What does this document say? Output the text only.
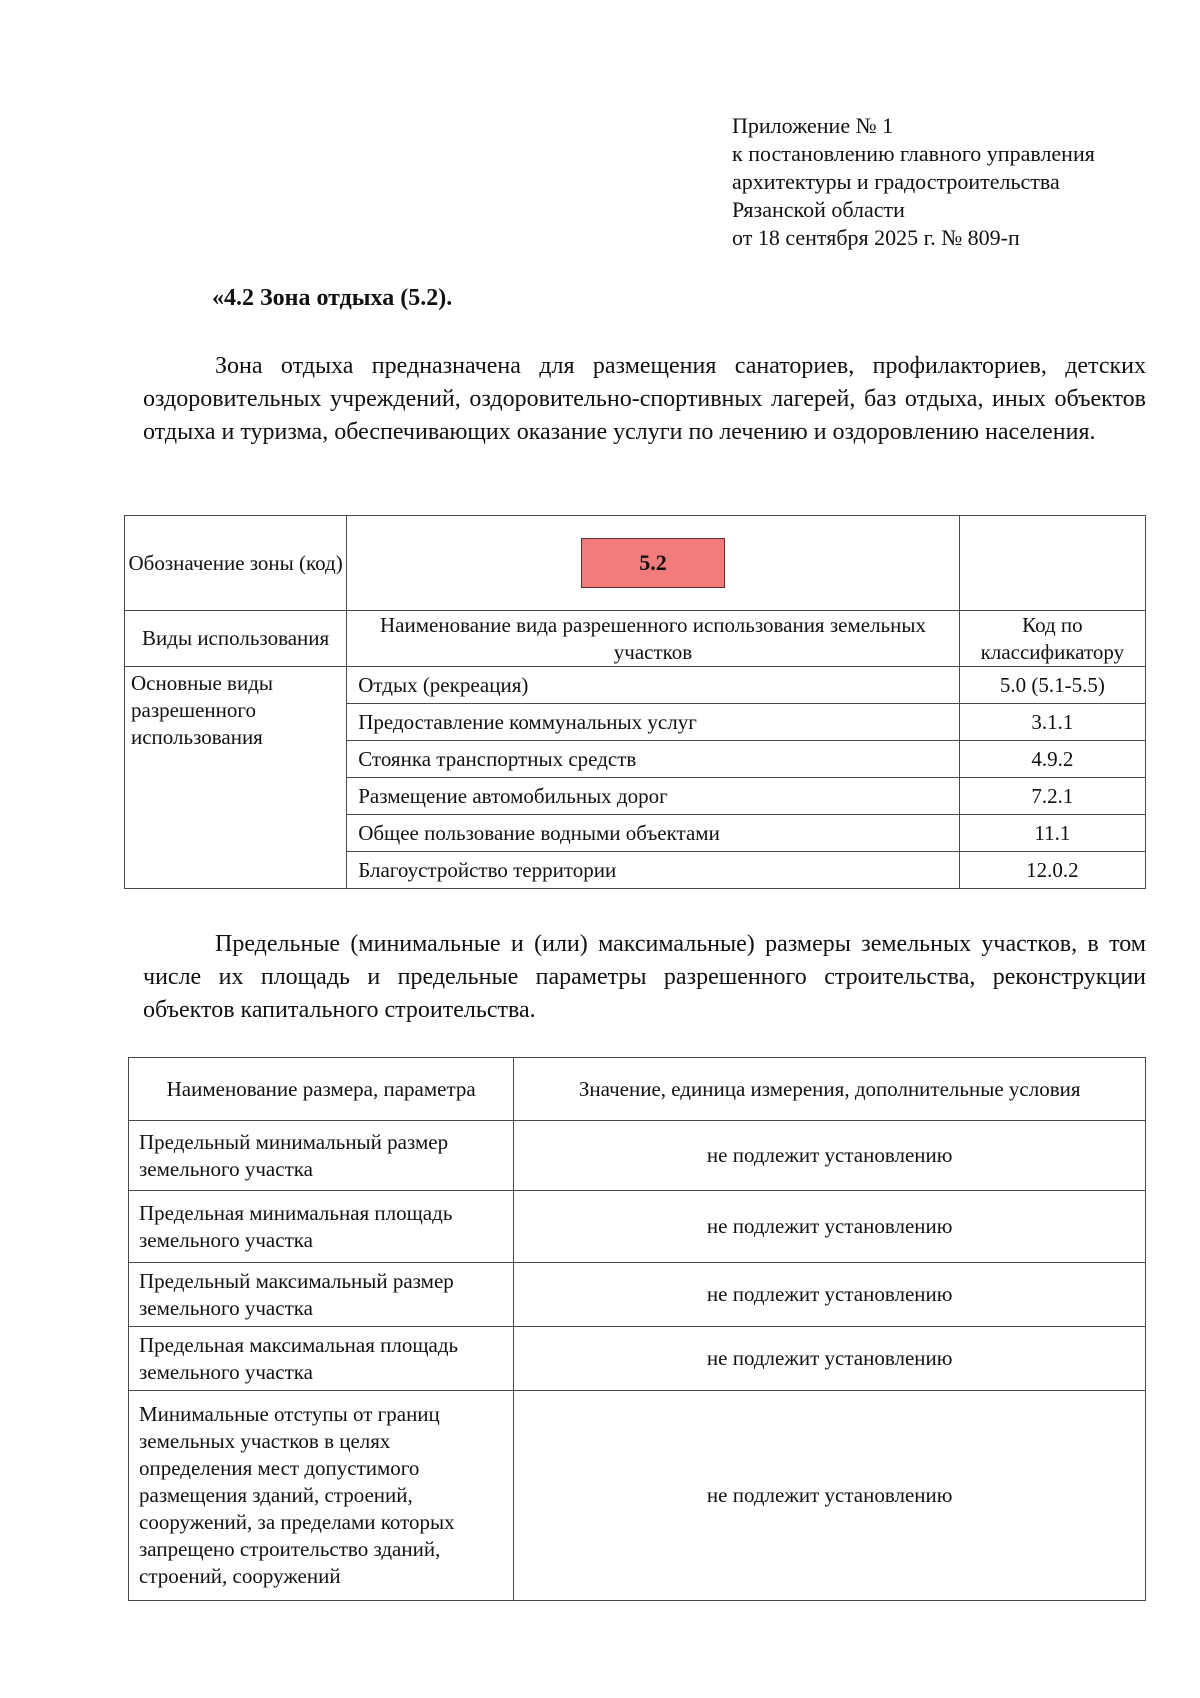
Приложение № 1
к постановлению главного управления
архитектуры и градостроительства
Рязанской области
от 18 сентября 2025 г. № 809-п
«4.2 Зона отдыха (5.2).

Зона отдыха предназначена для размещения санаториев, профилакториев, детских оздоровительных учреждений, оздоровительно-спортивных лагерей, баз отдыха, иных объектов отдыха и туризма, обеспечивающих оказание услуги по лечению и оздоровлению населения.

Обозначение зоны (код)	5.2	
Виды использования	Наименование вида разрешенного использования земельных участков	Код по классификатору
Основные виды разрешенного использования	Отдых (рекреация)	5.0 (5.1-5.5)
	Предоставление коммунальных услуг	3.1.1
	Стоянка транспортных средств	4.9.2
	Размещение автомобильных дорог	7.2.1
	Общее пользование водными объектами	11.1
	Благоустройство территории	12.0.2

Предельные (минимальные и (или) максимальные) размеры земельных участков, в том числе их площадь и предельные параметры разрешенного строительства, реконструкции объектов капитального строительства.

Наименование размера, параметра	Значение, единица измерения, дополнительные условия
Предельный минимальный размер земельного участка	не подлежит установлению
Предельная минимальная площадь земельного участка	не подлежит установлению
Предельный максимальный размер земельного участка	не подлежит установлению
Предельная максимальная площадь земельного участка	не подлежит установлению
Минимальные отступы от границ земельных участков в целях определения мест допустимого размещения зданий, строений, сооружений, за пределами которых запрещено строительство зданий, строений, сооружений	не подлежит установлению
